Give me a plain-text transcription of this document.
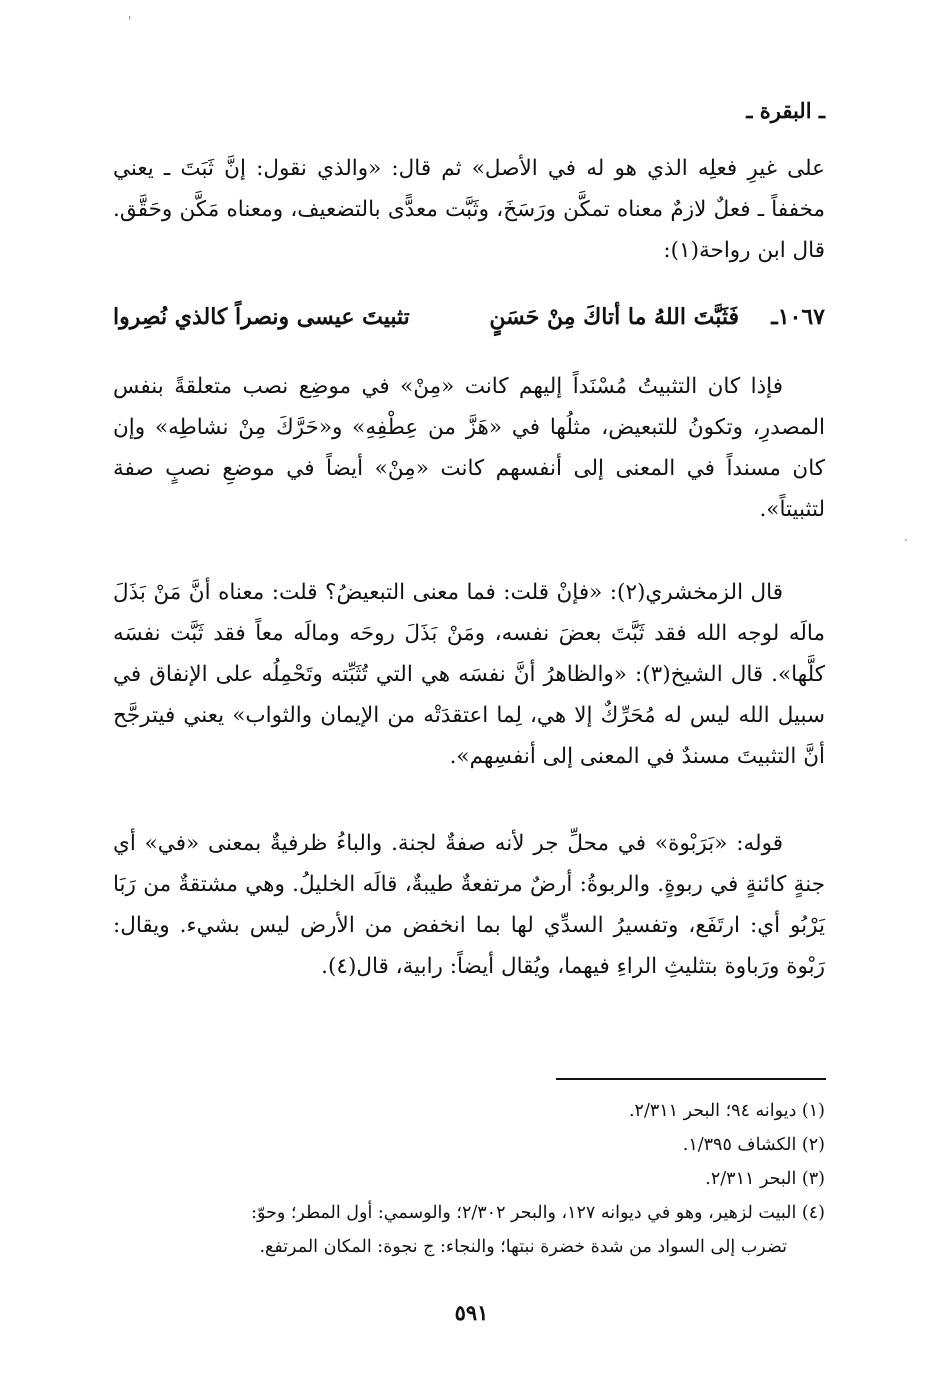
'
.
ـ البقرة ـ

على غيرِ فعلِه الذي هو له في الأصل» ثم قال: «والذي نقول: إنَّ ثَبَتَ ـ يعني مخففاً ـ فعلٌ لازمٌ معناه تمكَّن ورَسَخَ، وثَبَّت معدًّى بالتضعيف، ومعناه مَكَّن وحَقَّق. قال ابن رواحة(١):

١٠٦٧ـ
فَثَبَّتَ اللهُ ما أتاكَ مِنْ حَسَنٍ
تثبيتَ عيسى ونصراً كالذي نُصِروا

فإذا كان التثبيتُ مُسْنَداً إليهم كانت «مِنْ» في موضِع نصب متعلقةً بنفس المصدرِ، وتكونُ للتبعيض، مثلُها في «هَزَّ من عِطْفِهِ» و«حَرَّكَ مِنْ نشاطِه» وإن كان مسنداً في المعنى إلى أنفسهم كانت «مِنْ» أيضاً في موضعِ نصبٍ صفة لتثبيتاً».

قال الزمخشري(٢): «فإنْ قلت: فما معنى التبعيضُ؟ قلت: معناه أنَّ مَنْ بَذَلَ مالَه لوجه الله فقد ثَبَّتَ بعضَ نفسه، ومَنْ بَذَلَ روحَه ومالَه معاً فقد ثَبَّت نفسَه كلَّها». قال الشيخ(٣): «والظاهرُ أنَّ نفسَه هي التي تُثَبِّته وتَحْمِلُه على الإنفاق في سبيل الله ليس له مُحَرِّكٌ إلا هي، لِما اعتقدَتْه من الإيمان والثواب» يعني فيترجَّح أنَّ التثبيتَ مسندٌ في المعنى إلى أنفسِهم».

قوله: «بَرَبْوة» في محلِّ جر لأنه صفةٌ لجنة. والباءُ ظرفيةٌ بمعنى «في» أي جنةٍ كائنةٍ في ربوةٍ. والربوةُ: أرضٌ مرتفعةٌ طيبةٌ، قالَه الخليلُ. وهي مشتقةٌ من رَبَا يَرْبُو أي: ارتَفَع، وتفسيرُ السدِّي لها بما انخفض من الأرض ليس بشيء. ويقال: رَبْوة ورَباوة بتثليثِ الراءِ فيهما، ويُقال أيضاً: رابية، قال(٤).

(١) ديوانه ٩٤؛ البحر ٢/٣١١.

(٢) الكشاف ١/٣٩٥.

(٣) البحر ٢/٣١١.

(٤) البيت لزهير، وهو في ديوانه ١٢٧، والبحر ٢/٣٠٢؛ والوسمي: أول المطر؛ وحوّ:

تضرب إلى السواد من شدة خضرة نبتها؛ والنجاء: ج نجوة: المكان المرتفع.

٥٩١
